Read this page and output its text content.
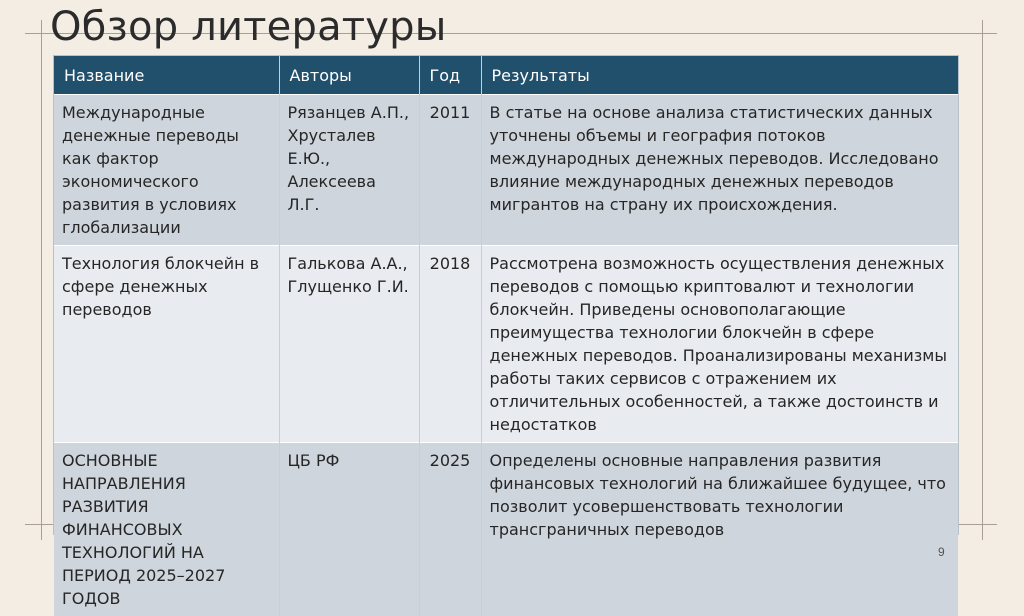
Обзор литературы
Название	Авторы	Год	Результаты
Международные денежные переводы как фактор экономического развития в условиях глобализации	Рязанцев А.П., Хрусталев Е.Ю., Алексеева Л.Г.	2011	В статье на основе анализа статистических данных уточнены объемы и география потоков международных денежных переводов. Исследовано влияние международных денежных переводов мигрантов на страну их происхождения.
Технология блокчейн в сфере денежных переводов	Галькова А.А., Глущенко Г.И.	2018	Рассмотрена возможность осуществления денежных переводов с помощью криптовалют и технологии блокчейн. Приведены основополагающие преимущества технологии блокчейн в сфере денежных переводов. Проанализированы механизмы работы таких сервисов с отражением их отличительных особенностей, а также достоинств и недостатков
ОСНОВНЫЕ НАПРАВЛЕНИЯ РАЗВИТИЯ ФИНАНСОВЫХ ТЕХНОЛОГИЙ НА ПЕРИОД 2025–2027 ГОДОВ	ЦБ РФ	2025	Определены основные направления развития финансовых технологий на ближайшее будущее, что позволит усовершенствовать технологии трансграничных переводов
9
